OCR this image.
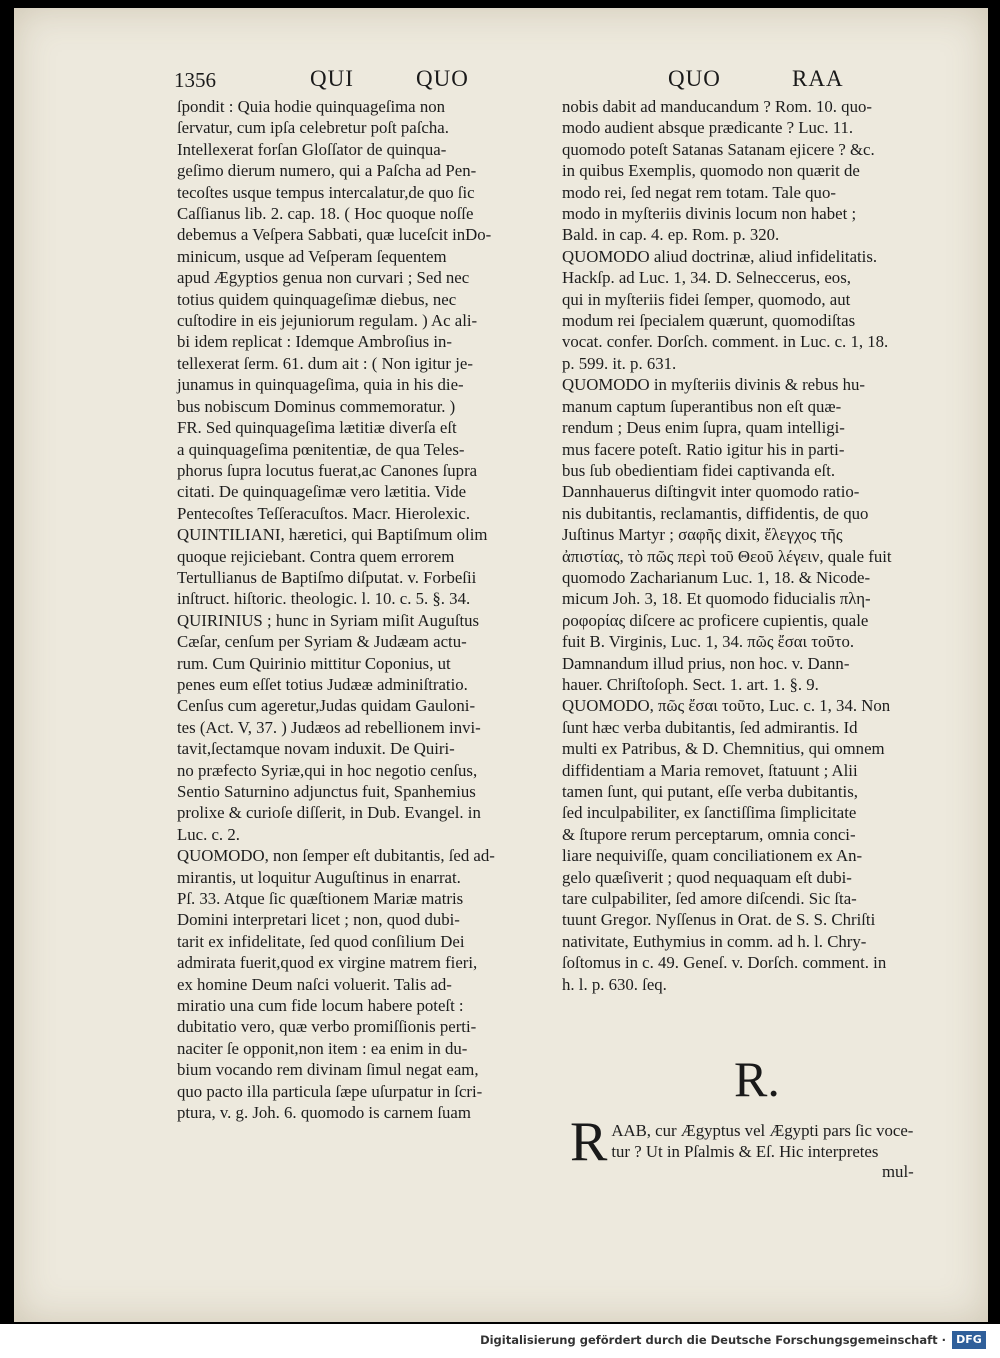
1356	QUI	QUO	QUO	RAA

ſpondit : Quia hodie quinquageſima non

ſervatur, cum ipſa celebretur poſt paſcha.

Intellexerat forſan Gloſſator de quinqua-

geſimo dierum numero, qui a Paſcha ad Pen-

tecoſtes usque tempus intercalatur,de quo ſic

Caſſianus lib. 2. cap. 18. ( Hoc quoque noſſe

debemus a Veſpera Sabbati, quæ luceſcit inDo-

minicum, usque ad Veſperam ſequentem

apud Ægyptios genua non curvari ; Sed nec

totius quidem quinquageſimæ diebus, nec

cuſtodire in eis jejuniorum regulam. ) Ac ali-

bi idem replicat : Idemque Ambroſius in-

tellexerat ſerm. 61. dum ait : ( Non igitur je-

junamus in quinquageſima, quia in his die-

bus nobiscum Dominus commemoratur. )

FR. Sed quinquageſima lætitiæ diverſa eſt

a quinquageſima pœnitentiæ, de qua Teles-

phorus ſupra locutus fuerat,ac Canones ſupra

citati. De quinquageſimæ vero lætitia. Vide

Pentecoſtes Teſſeracuſtos. Macr. Hierolexic.

QUINTILIANI, hæretici, qui Baptiſmum olim

quoque rejiciebant. Contra quem errorem

Tertullianus de Baptiſmo diſputat. v. Forbeſii

inſtruct. hiſtoric. theologic. l. 10. c. 5. §. 34.

QUIRINIUS ; hunc in Syriam miſit Auguſtus

Cæſar, cenſum per Syriam & Judæam actu-

rum. Cum Quirinio mittitur Coponius, ut

penes eum eſſet totius Judææ adminiſtratio.

Cenſus cum ageretur,Judas quidam Gauloni-

tes (Act. V, 37. ) Judæos ad rebellionem invi-

tavit,ſectamque novam induxit. De Quiri-

no præfecto Syriæ,qui in hoc negotio cenſus,

Sentio Saturnino adjunctus fuit, Spanhemius

prolixe & curioſe diſſerit, in Dub. Evangel. in

Luc. c. 2.

QUOMODO, non ſemper eſt dubitantis, ſed ad-

mirantis, ut loquitur Auguſtinus in enarrat.

Pſ. 33. Atque ſic quæſtionem Mariæ matris

Domini interpretari licet ; non, quod dubi-

tarit ex infidelitate, ſed quod conſilium Dei

admirata fuerit,quod ex virgine matrem fieri,

ex homine Deum naſci voluerit. Talis ad-

miratio una cum fide locum habere poteſt :

dubitatio vero, quæ verbo promiſſionis perti-

naciter ſe opponit,non item : ea enim in du-

bium vocando rem divinam ſimul negat eam,

quo pacto illa particula ſæpe uſurpatur in ſcri-

ptura, v. g. Joh. 6. quomodo is carnem ſuam

nobis dabit ad manducandum ? Rom. 10. quo-

modo audient absque prædicante ? Luc. 11.

quomodo poteſt Satanas Satanam ejicere ? &c.

in quibus Exemplis, quomodo non quærit de

modo rei, ſed negat rem totam. Tale quo-

modo in myſteriis divinis locum non habet ;

Bald. in cap. 4. ep. Rom. p. 320.

QUOMODO aliud doctrinæ, aliud infidelitatis.

Hackſp. ad Luc. 1, 34. D. Selneccerus, eos,

qui in myſteriis fidei ſemper, quomodo, aut

modum rei ſpecialem quærunt, quomodiſtas

vocat. confer. Dorſch. comment. in Luc. c. 1, 18.

p. 599. it. p. 631.

QUOMODO in myſteriis divinis & rebus hu-

manum captum ſuperantibus non eſt quæ-

rendum ; Deus enim ſupra, quam intelligi-

mus facere poteſt. Ratio igitur his in parti-

bus ſub obedientiam fidei captivanda eſt.

Dannhauerus diſtingvit inter quomodo ratio-

nis dubitantis, reclamantis, diffidentis, de quo

Juſtinus Martyr ; σαφῆς dixit, ἔλεγχος τῆς

ἀπιστίας, τὸ πῶς περὶ τοῦ Θεοῦ λέγειν, quale fuit

quomodo Zacharianum Luc. 1, 18. & Nicode-

micum Joh. 3, 18. Et quomodo fiducialis πλη-

ροφορίας diſcere ac proficere cupientis, quale

fuit B. Virginis, Luc. 1, 34. πῶς ἔσαι τοῦτο.

Damnandum illud prius, non hoc. v. Dann-

hauer. Chriſtoſoph. Sect. 1. art. 1. §. 9.

QUOMODO, πῶς ἔσαι τοῦτο, Luc. c. 1, 34. Non

ſunt hæc verba dubitantis, ſed admirantis. Id

multi ex Patribus, & D. Chemnitius, qui omnem

diffidentiam a Maria removet, ſtatuunt ; Alii

tamen ſunt, qui putant, eſſe verba dubitantis,

ſed inculpabiliter, ex ſanctiſſima ſimplicitate

& ſtupore rerum perceptarum, omnia conci-

liare nequiviſſe, quam conciliationem ex An-

gelo quæſiverit ; quod nequaquam eſt dubi-

tare culpabiliter, ſed amore diſcendi. Sic ſta-

tuunt Gregor. Nyſſenus in Orat. de S. S. Chriſti

nativitate, Euthymius in comm. ad h. l. Chry-

ſoſtomus in c. 49. Geneſ. v. Dorſch. comment. in

h. l. p. 630. ſeq.

R.
R AAB, cur Ægyptus vel Ægypti pars ſic voce-

tur ? Ut in Pſalmis & Eſ. Hic interpretes

mul-
Digitalisierung gefördert durch die Deutsche Forschungsgemeinschaft · DFG
